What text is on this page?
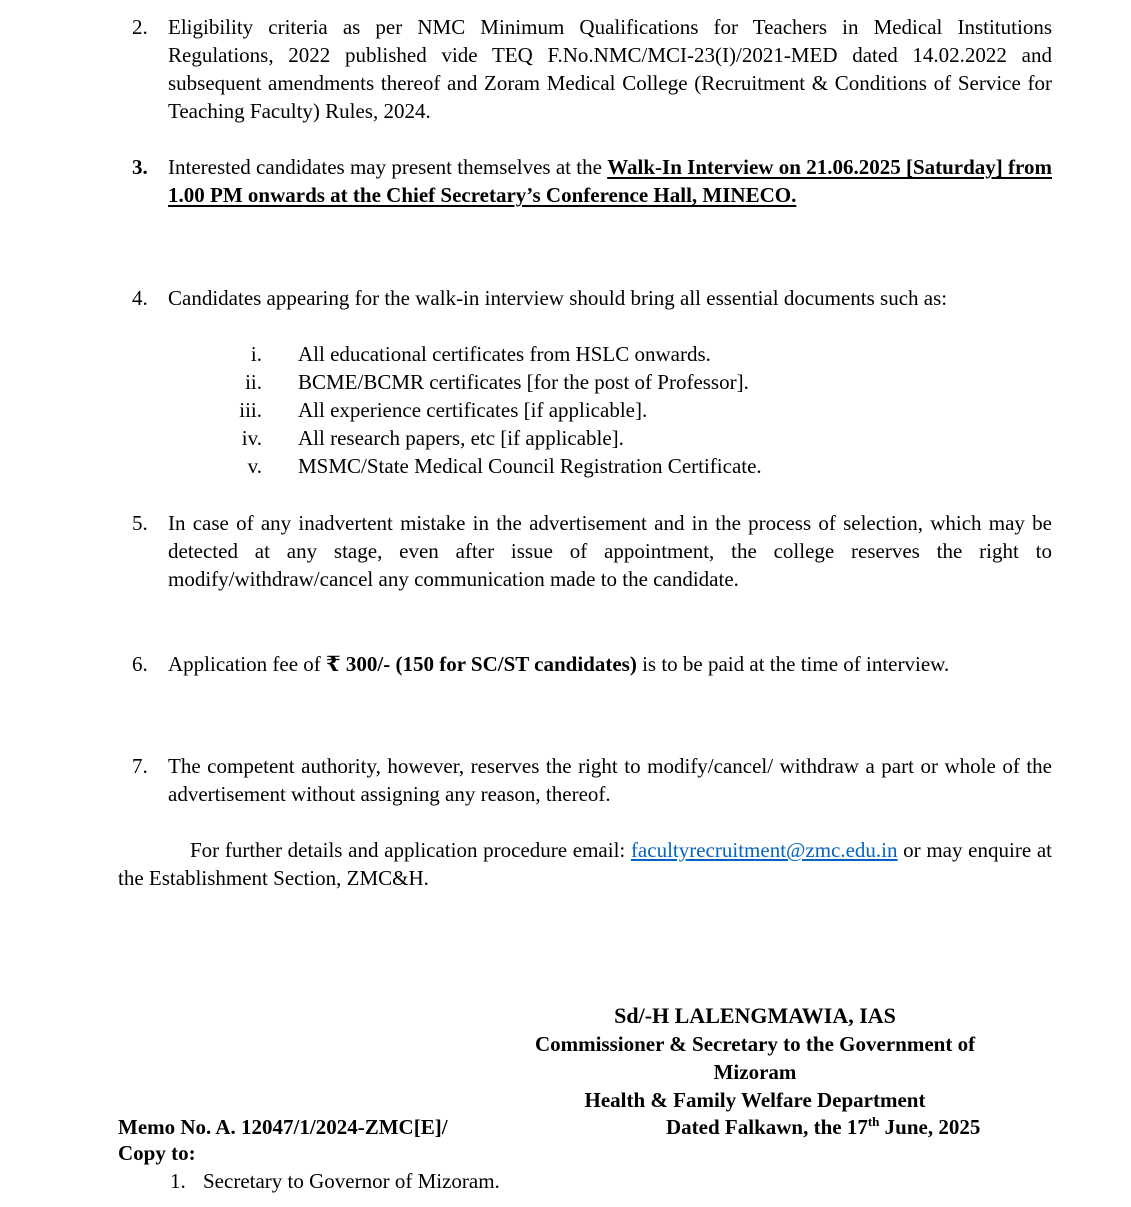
2. Eligibility criteria as per NMC Minimum Qualifications for Teachers in Medical Institutions Regulations, 2022 published vide TEQ F.No.NMC/MCI-23(I)/2021-MED dated 14.02.2022 and subsequent amendments thereof and Zoram Medical College (Recruitment & Conditions of Service for Teaching Faculty) Rules, 2024.
3. Interested candidates may present themselves at the Walk-In Interview on 21.06.2025 [Saturday] from 1.00 PM onwards at the Chief Secretary’s Conference Hall, MINECO.
4. Candidates appearing for the walk-in interview should bring all essential documents such as:
i. All educational certificates from HSLC onwards.
ii. BCME/BCMR certificates [for the post of Professor].
iii. All experience certificates [if applicable].
iv. All research papers, etc [if applicable].
v. MSMC/State Medical Council Registration Certificate.
5. In case of any inadvertent mistake in the advertisement and in the process of selection, which may be detected at any stage, even after issue of appointment, the college reserves the right to modify/withdraw/cancel any communication made to the candidate.
6. Application fee of ₹ 300/- (150 for SC/ST candidates) is to be paid at the time of interview.
7. The competent authority, however, reserves the right to modify/cancel/ withdraw a part or whole of the advertisement without assigning any reason, thereof.
For further details and application procedure email: facultyrecruitment@zmc.edu.in or may enquire at the Establishment Section, ZMC&H.
Sd/-H LALENGMAWIA, IAS
Commissioner & Secretary to the Government of
Mizoram
Health & Family Welfare Department
Memo No. A. 12047/1/2024-ZMC[E]/	Dated Falkawn, the 17th June, 2025
Copy to:
1. Secretary to Governor of Mizoram.
